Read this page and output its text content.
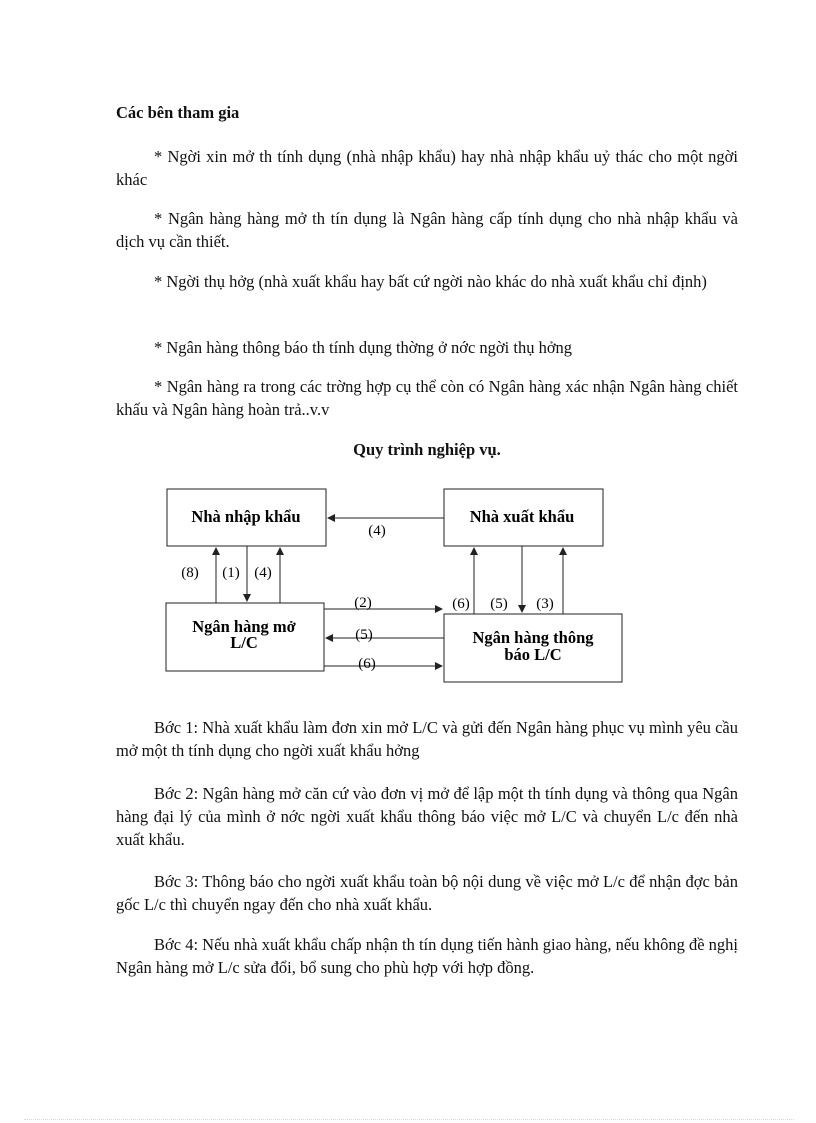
Các bên tham gia

* Ngời xin mở th tính dụng (nhà nhập khẩu) hay nhà nhập khẩu uỷ thác cho một ngời khác

* Ngân hàng hàng mở th tín dụng là Ngân hàng cấp tính dụng cho nhà nhập khẩu và dịch vụ cần thiết.

* Ngời thụ hởg (nhà xuất khẩu hay bất cứ ngời nào khác do nhà xuất khẩu chỉ định)

* Ngân hàng thông báo th tính dụng thờng ở nớc ngời thụ hởng

* Ngân hàng ra trong các trờng hợp cụ thể còn có Ngân hàng xác nhận Ngân hàng chiết khấu và Ngân hàng hoàn trả..v.v

Quy trình nghiệp vụ.
Nhà nhập khẩu	Nhà xuất khẩu
Ngân hàng mở
L/C	Ngân hàng thông
báo L/C
(4)
(8) (1) (4)
(2)
(5)
(6)
(6) (5) (3)

Bớc 1: Nhà xuất khẩu làm đơn xin mở L/C và gửi đến Ngân hàng phục vụ mình yêu cầu mở một th tính dụng cho ngời xuất khẩu hởng

Bớc 2: Ngân hàng mở căn cứ vào đơn vị mở để lập một th tính dụng và thông qua Ngân hàng đại lý của mình ở nớc ngời xuất khẩu thông báo việc mở L/C và chuyển L/c đến nhà xuất khẩu.

Bớc 3: Thông báo cho ngời xuất khẩu toàn bộ nội dung về việc mở L/c để nhận đợc bản gốc L/c thì chuyển ngay đến cho nhà xuất khẩu.

Bớc 4: Nếu nhà xuất khẩu chấp nhận th tín dụng tiến hành giao hàng, nếu không đề nghị Ngân hàng mở L/c sửa đổi, bổ sung cho phù hợp với hợp đồng.
